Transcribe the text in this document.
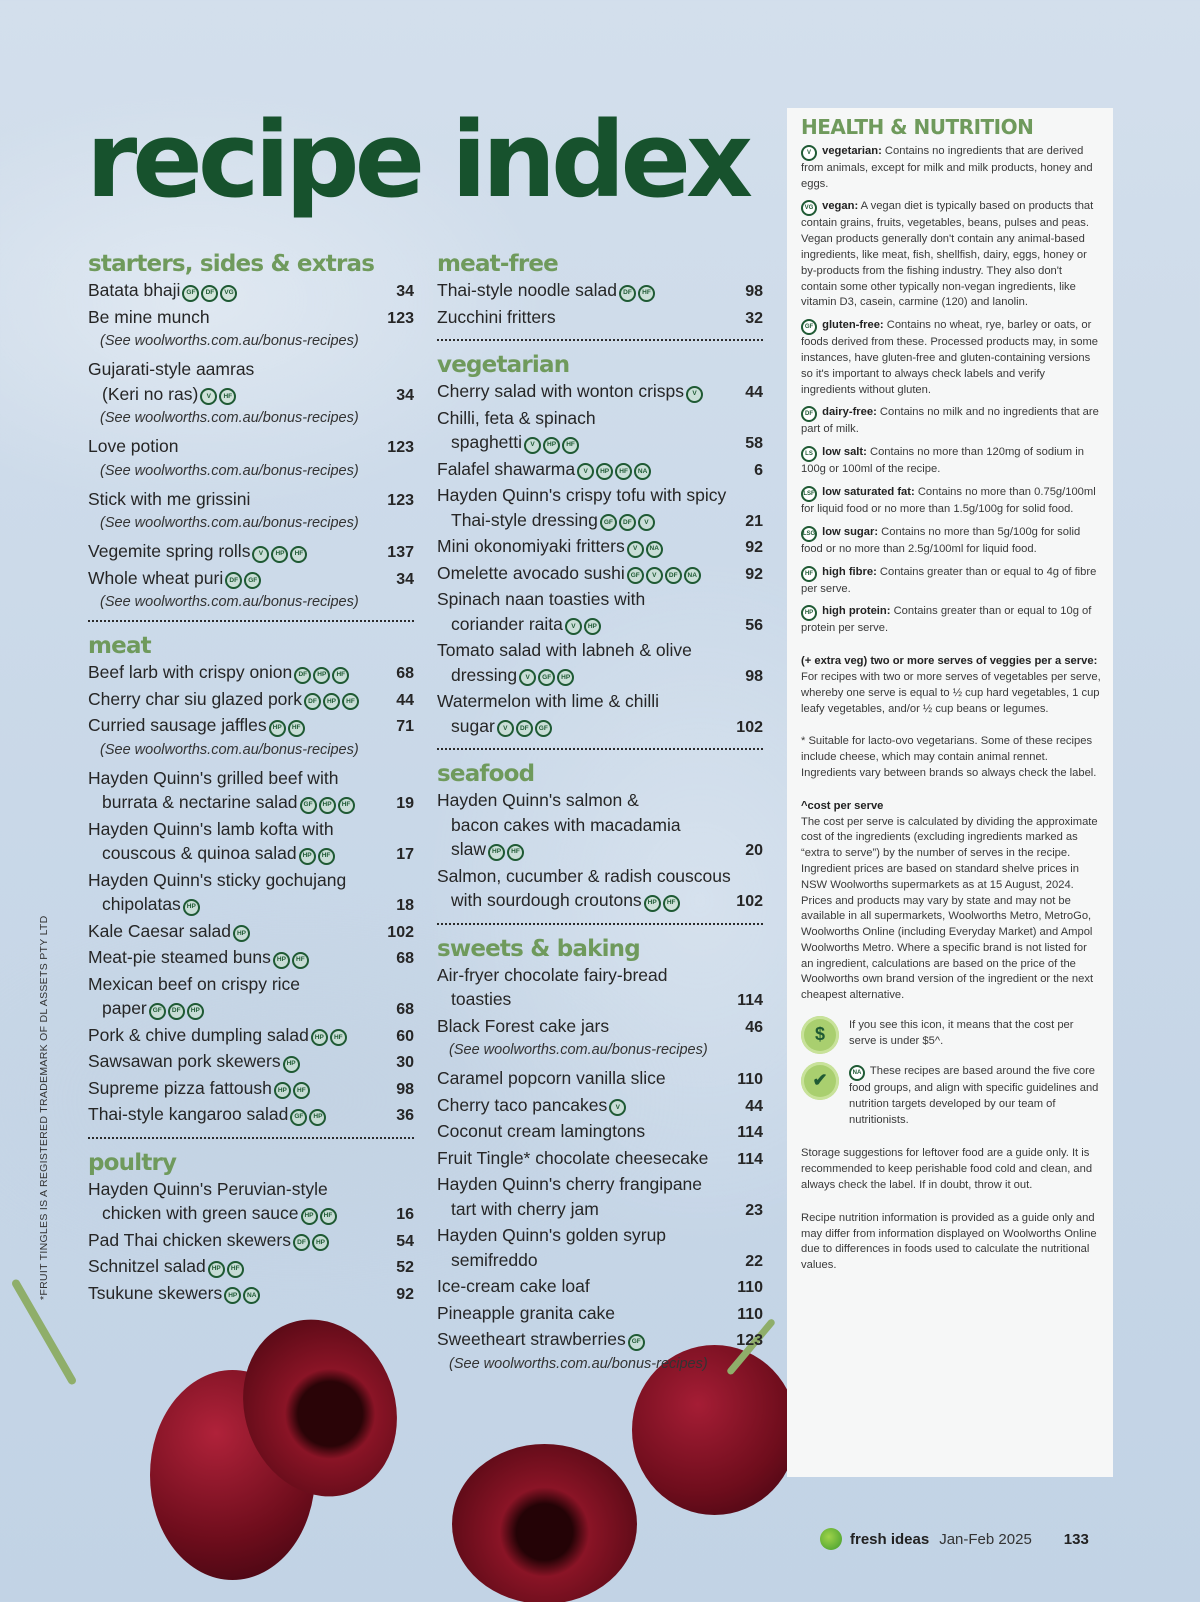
recipe index
*FRUIT TINGLES IS A REGISTERED TRADEMARK OF DL ASSETS PTY LTD
starters, sides & extras
Batata bhaji GF DF VG	34
Be mine munch	123
(See woolworths.com.au/bonus-recipes)
Gujarati-style aamras
(Keri no ras) V HF	34
(See woolworths.com.au/bonus-recipes)
Love potion	123
(See woolworths.com.au/bonus-recipes)
Stick with me grissini	123
(See woolworths.com.au/bonus-recipes)
Vegemite spring rolls V HP HF	137
Whole wheat puri DF GF	34
(See woolworths.com.au/bonus-recipes)
meat
Beef larb with crispy onion DF HP HF	68
Cherry char siu glazed pork DF HP HF	44
Curried sausage jaffles HP HF	71
(See woolworths.com.au/bonus-recipes)
Hayden Quinn's grilled beef with
burrata & nectarine salad GF HP HF	19
Hayden Quinn's lamb kofta with
couscous & quinoa salad HP HF	17
Hayden Quinn's sticky gochujang
chipolatas HP	18
Kale Caesar salad HP	102
Meat-pie steamed buns HP HF	68
Mexican beef on crispy rice
paper GF DF HP	68
Pork & chive dumpling salad HP HF	60
Sawsawan pork skewers HP	30
Supreme pizza fattoush HP HF	98
Thai-style kangaroo salad GF HP	36
poultry
Hayden Quinn's Peruvian-style
chicken with green sauce HP HF	16
Pad Thai chicken skewers DF HP	54
Schnitzel salad HP HF	52
Tsukune skewers HP NA	92
meat-free
Thai-style noodle salad DF HF	98
Zucchini fritters	32
vegetarian
Cherry salad with wonton crisps V	44
Chilli, feta & spinach
spaghetti V HP HF	58
Falafel shawarma V HP HF NA	6
Hayden Quinn's crispy tofu with spicy
Thai-style dressing GF DF V	21
Mini okonomiyaki fritters V NA	92
Omelette avocado sushi GF V DF NA	92
Spinach naan toasties with
coriander raita V HP	56
Tomato salad with labneh & olive
dressing V GF HP	98
Watermelon with lime & chilli
sugar V DF GF	102
seafood
Hayden Quinn's salmon &
bacon cakes with macadamia
slaw HP HF	20
Salmon, cucumber & radish couscous
with sourdough croutons HP HF	102
sweets & baking
Air-fryer chocolate fairy-bread
toasties	114
Black Forest cake jars	46
(See woolworths.com.au/bonus-recipes)
Caramel popcorn vanilla slice	110
Cherry taco pancakes V	44
Coconut cream lamingtons	114
Fruit Tingle* chocolate cheesecake	114
Hayden Quinn's cherry frangipane
tart with cherry jam	23
Hayden Quinn's golden syrup
semifreddo	22
Ice-cream cake loaf	110
Pineapple granita cake	110
Sweetheart strawberries GF	123
(See woolworths.com.au/bonus-recipes)
HEALTH & NUTRITION

V vegetarian: Contains no ingredients that are derived from animals, except for milk and milk products, honey and eggs.

VG vegan: A vegan diet is typically based on products that contain grains, fruits, vegetables, beans, pulses and peas. Vegan products generally don't contain any animal-based ingredients, like meat, fish, shellfish, dairy, eggs, honey or by-products from the fishing industry. They also don't contain some other typically non-vegan ingredients, like vitamin D3, casein, carmine (120) and lanolin.

GF gluten-free: Contains no wheat, rye, barley or oats, or foods derived from these. Processed products may, in some instances, have gluten-free and gluten-containing versions so it's important to always check labels and verify ingredients without gluten.

DF dairy-free: Contains no milk and no ingredients that are part of milk.

LS low salt: Contains no more than 120mg of sodium in 100g or 100ml of the recipe.

LSF low saturated fat: Contains no more than 0.75g/100ml for liquid food or no more than 1.5g/100g for solid food.

LSG low sugar: Contains no more than 5g/100g for solid food or no more than 2.5g/100ml for liquid food.

HF high fibre: Contains greater than or equal to 4g of fibre per serve.

HP high protein: Contains greater than or equal to 10g of protein per serve.

(+ extra veg) two or more serves of veggies per a serve:
For recipes with two or more serves of vegetables per serve, whereby one serve is equal to ½ cup hard vegetables, 1 cup leafy vegetables, and/or ½ cup beans or legumes.

* Suitable for lacto-ovo vegetarians. Some of these recipes include cheese, which may contain animal rennet. Ingredients vary between brands so always check the label.

^cost per serve
The cost per serve is calculated by dividing the approximate cost of the ingredients (excluding ingredients marked as “extra to serve”) by the number of serves in the recipe. Ingredient prices are based on standard shelve prices in NSW Woolworths supermarkets as at 15 August, 2024. Prices and products may vary by state and may not be available in all supermarkets, Woolworths Metro, MetroGo, Woolworths Online (including Everyday Market) and Ampol Woolworths Metro. Where a specific brand is not listed for an ingredient, calculations are based on the price of the Woolworths own brand version of the ingredient or the next cheapest alternative.

$	If you see this icon, it means that the cost per serve is under $5^.
✔	NA These recipes are based around the five core food groups, and align with specific guidelines and nutrition targets developed by our team of nutritionists.

Storage suggestions for leftover food are a guide only. It is recommended to keep perishable food cold and clean, and always check the label. If in doubt, throw it out.

Recipe nutrition information is provided as a guide only and may differ from information displayed on Woolworths Online due to differences in foods used to calculate the nutritional values.

fresh ideas Jan-Feb 2025 133
